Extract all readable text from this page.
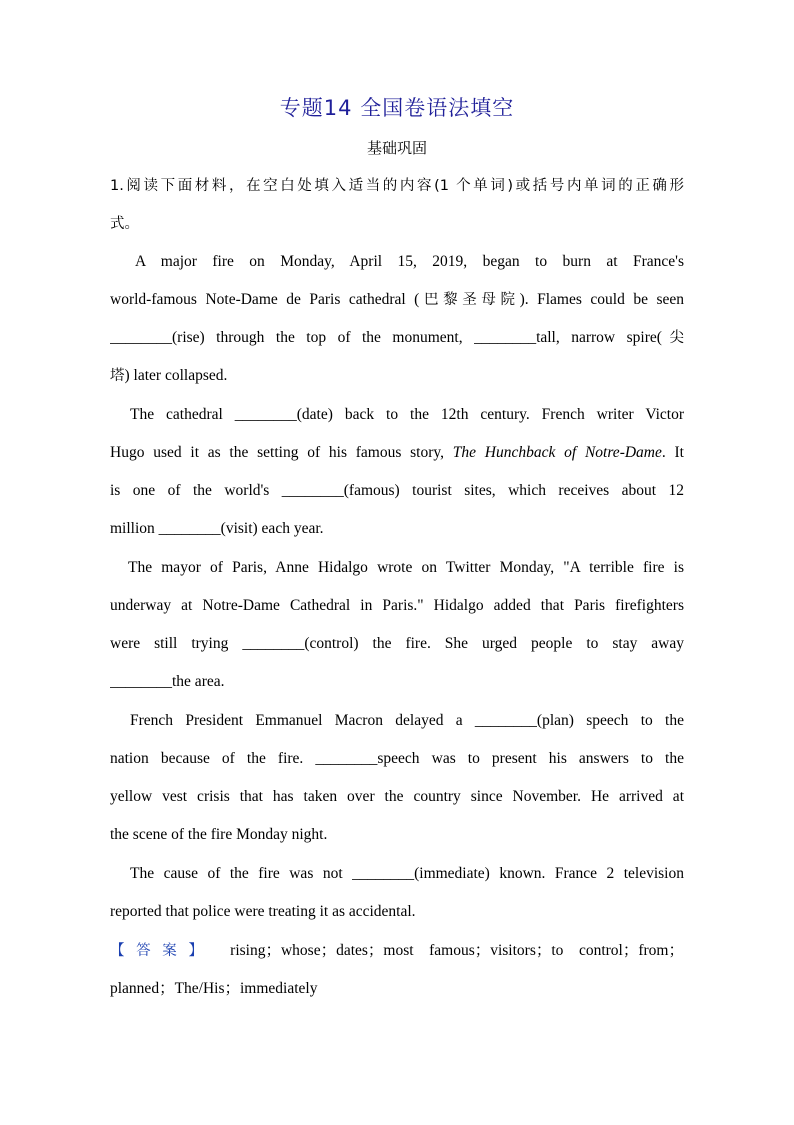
专题14 全国卷语法填空
基础巩固
1.阅读下面材料，在空白处填入适当的内容(1 个单词)或括号内单词的正确形
式。
A major fire on Monday, April 15, 2019, began to burn at France's
world-famous Note-Dame de Paris cathedral (巴黎圣母院). Flames could be seen
________(rise) through the top of the monument, ________tall, narrow spire(尖
塔) later collapsed.
The cathedral ________(date) back to the 12th century. French writer Victor
Hugo used it as the setting of his famous story, The Hunchback of Notre-Dame. It
is one of the world's ________(famous) tourist sites, which receives about 12
million ________(visit) each year.
The mayor of Paris, Anne Hidalgo wrote on Twitter Monday, "A terrible fire is
underway at Notre-Dame Cathedral in Paris." Hidalgo added that Paris firefighters
were still trying ________(control) the fire. She urged people to stay away
________the area.
French President Emmanuel Macron delayed a ________(plan) speech to the
nation because of the fire. ________speech was to present his answers to the
yellow vest crisis that has taken over the country since November. He arrived at
the scene of the fire Monday night.
The cause of the fire was not ________(immediate) known. France 2 television
reported that police were treating it as accidental.
【答案】 rising；whose；dates；most famous；visitors；to control；from；
planned；The/His；immediately
